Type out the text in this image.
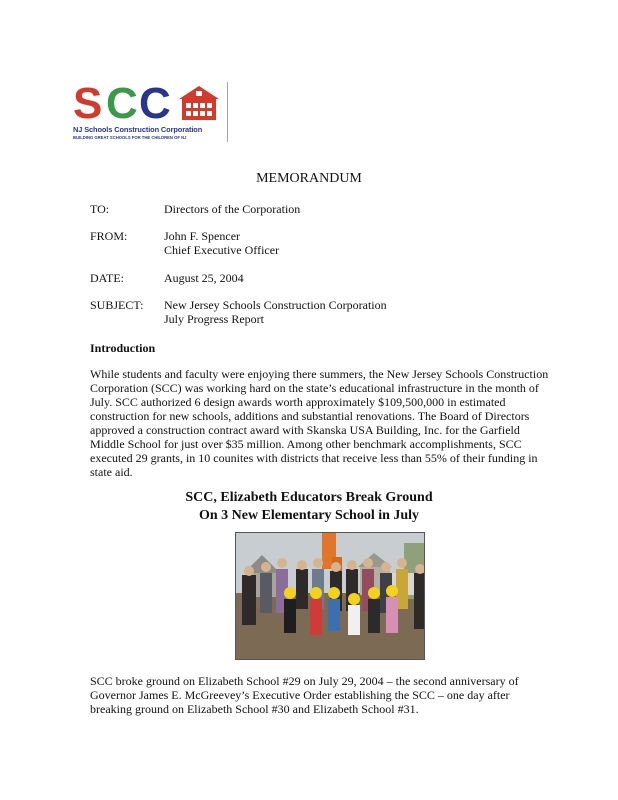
S C C
NJ Schools Construction Corporation
BUILDING GREAT SCHOOLS FOR THE CHILDREN OF NJ
MEMORANDUM
TO:	Directors of the Corporation
FROM:	John F. Spencer
Chief Executive Officer
DATE:	August 25, 2004
SUBJECT: New Jersey Schools Construction Corporation
July Progress Report
Introduction
While students and faculty were enjoying there summers, the New Jersey Schools Construction
Corporation (SCC) was working hard on the state’s educational infrastructure in the month of
July. SCC authorized 6 design awards worth approximately $109,500,000 in estimated
construction for new schools, additions and substantial renovations. The Board of Directors
approved a construction contract award with Skanska USA Building, Inc. for the Garfield
Middle School for just over $35 million. Among other benchmark accomplishments, SCC
executed 29 grants, in 10 counites with districts that receive less than 55% of their funding in
state aid.
SCC, Elizabeth Educators Break Ground
On 3 New Elementary School in July
SCC broke ground on Elizabeth School #29 on July 29, 2004 – the second anniversary of
Governor James E. McGreevey’s Executive Order establishing the SCC – one day after
breaking ground on Elizabeth School #30 and Elizabeth School #31.
